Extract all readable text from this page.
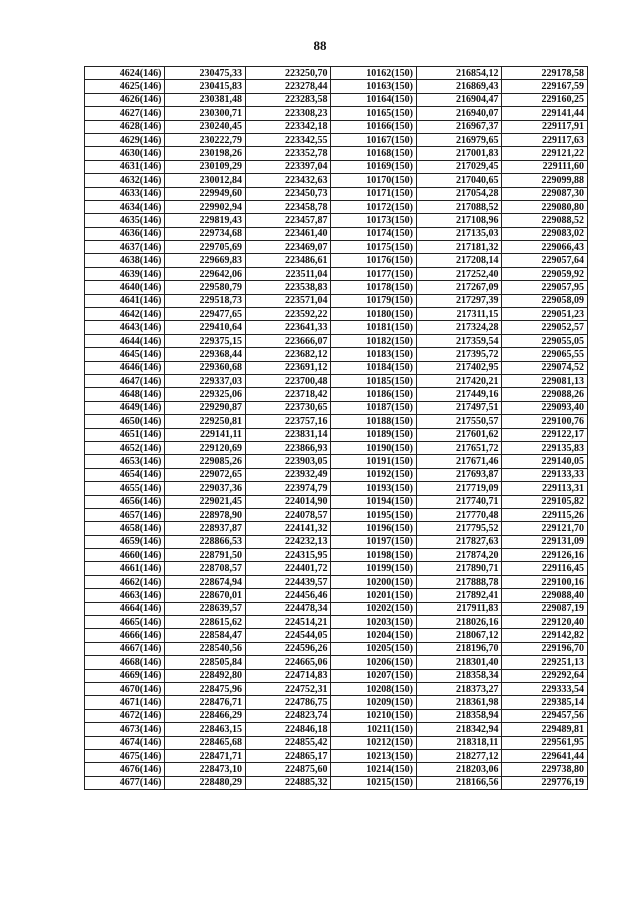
88
4624(146)	230475,33	223250,70	10162(150)	216854,12	229178,58
4625(146)	230415,83	223278,44	10163(150)	216869,43	229167,59
4626(146)	230381,48	223283,58	10164(150)	216904,47	229160,25
4627(146)	230300,71	223308,23	10165(150)	216940,07	229141,44
4628(146)	230240,45	223342,18	10166(150)	216967,37	229117,91
4629(146)	230222,79	223342,55	10167(150)	216979,65	229117,63
4630(146)	230198,26	223352,78	10168(150)	217001,83	229121,22
4631(146)	230109,29	223397,04	10169(150)	217029,45	229111,60
4632(146)	230012,84	223432,63	10170(150)	217040,65	229099,88
4633(146)	229949,60	223450,73	10171(150)	217054,28	229087,30
4634(146)	229902,94	223458,78	10172(150)	217088,52	229080,80
4635(146)	229819,43	223457,87	10173(150)	217108,96	229088,52
4636(146)	229734,68	223461,40	10174(150)	217135,03	229083,02
4637(146)	229705,69	223469,07	10175(150)	217181,32	229066,43
4638(146)	229669,83	223486,61	10176(150)	217208,14	229057,64
4639(146)	229642,06	223511,04	10177(150)	217252,40	229059,92
4640(146)	229580,79	223538,83	10178(150)	217267,09	229057,95
4641(146)	229518,73	223571,04	10179(150)	217297,39	229058,09
4642(146)	229477,65	223592,22	10180(150)	217311,15	229051,23
4643(146)	229410,64	223641,33	10181(150)	217324,28	229052,57
4644(146)	229375,15	223666,07	10182(150)	217359,54	229055,05
4645(146)	229368,44	223682,12	10183(150)	217395,72	229065,55
4646(146)	229360,68	223691,12	10184(150)	217402,95	229074,52
4647(146)	229337,03	223700,48	10185(150)	217420,21	229081,13
4648(146)	229325,06	223718,42	10186(150)	217449,16	229088,26
4649(146)	229290,87	223730,65	10187(150)	217497,51	229093,40
4650(146)	229250,81	223757,16	10188(150)	217550,57	229100,76
4651(146)	229141,11	223831,14	10189(150)	217601,62	229122,17
4652(146)	229120,69	223866,93	10190(150)	217651,72	229135,83
4653(146)	229085,26	223903,05	10191(150)	217671,46	229140,05
4654(146)	229072,65	223932,49	10192(150)	217693,87	229133,33
4655(146)	229037,36	223974,79	10193(150)	217719,09	229113,31
4656(146)	229021,45	224014,90	10194(150)	217740,71	229105,82
4657(146)	228978,90	224078,57	10195(150)	217770,48	229115,26
4658(146)	228937,87	224141,32	10196(150)	217795,52	229121,70
4659(146)	228866,53	224232,13	10197(150)	217827,63	229131,09
4660(146)	228791,50	224315,95	10198(150)	217874,20	229126,16
4661(146)	228708,57	224401,72	10199(150)	217890,71	229116,45
4662(146)	228674,94	224439,57	10200(150)	217888,78	229100,16
4663(146)	228670,01	224456,46	10201(150)	217892,41	229088,40
4664(146)	228639,57	224478,34	10202(150)	217911,83	229087,19
4665(146)	228615,62	224514,21	10203(150)	218026,16	229120,40
4666(146)	228584,47	224544,05	10204(150)	218067,12	229142,82
4667(146)	228540,56	224596,26	10205(150)	218196,70	229196,70
4668(146)	228505,84	224665,06	10206(150)	218301,40	229251,13
4669(146)	228492,80	224714,83	10207(150)	218358,34	229292,64
4670(146)	228475,96	224752,31	10208(150)	218373,27	229333,54
4671(146)	228476,71	224786,75	10209(150)	218361,98	229385,14
4672(146)	228466,29	224823,74	10210(150)	218358,94	229457,56
4673(146)	228463,15	224846,18	10211(150)	218342,94	229489,81
4674(146)	228465,68	224855,42	10212(150)	218318,11	229561,95
4675(146)	228471,71	224865,17	10213(150)	218277,12	229641,44
4676(146)	228473,10	224875,60	10214(150)	218203,06	229738,80
4677(146)	228480,29	224885,32	10215(150)	218166,56	229776,19
